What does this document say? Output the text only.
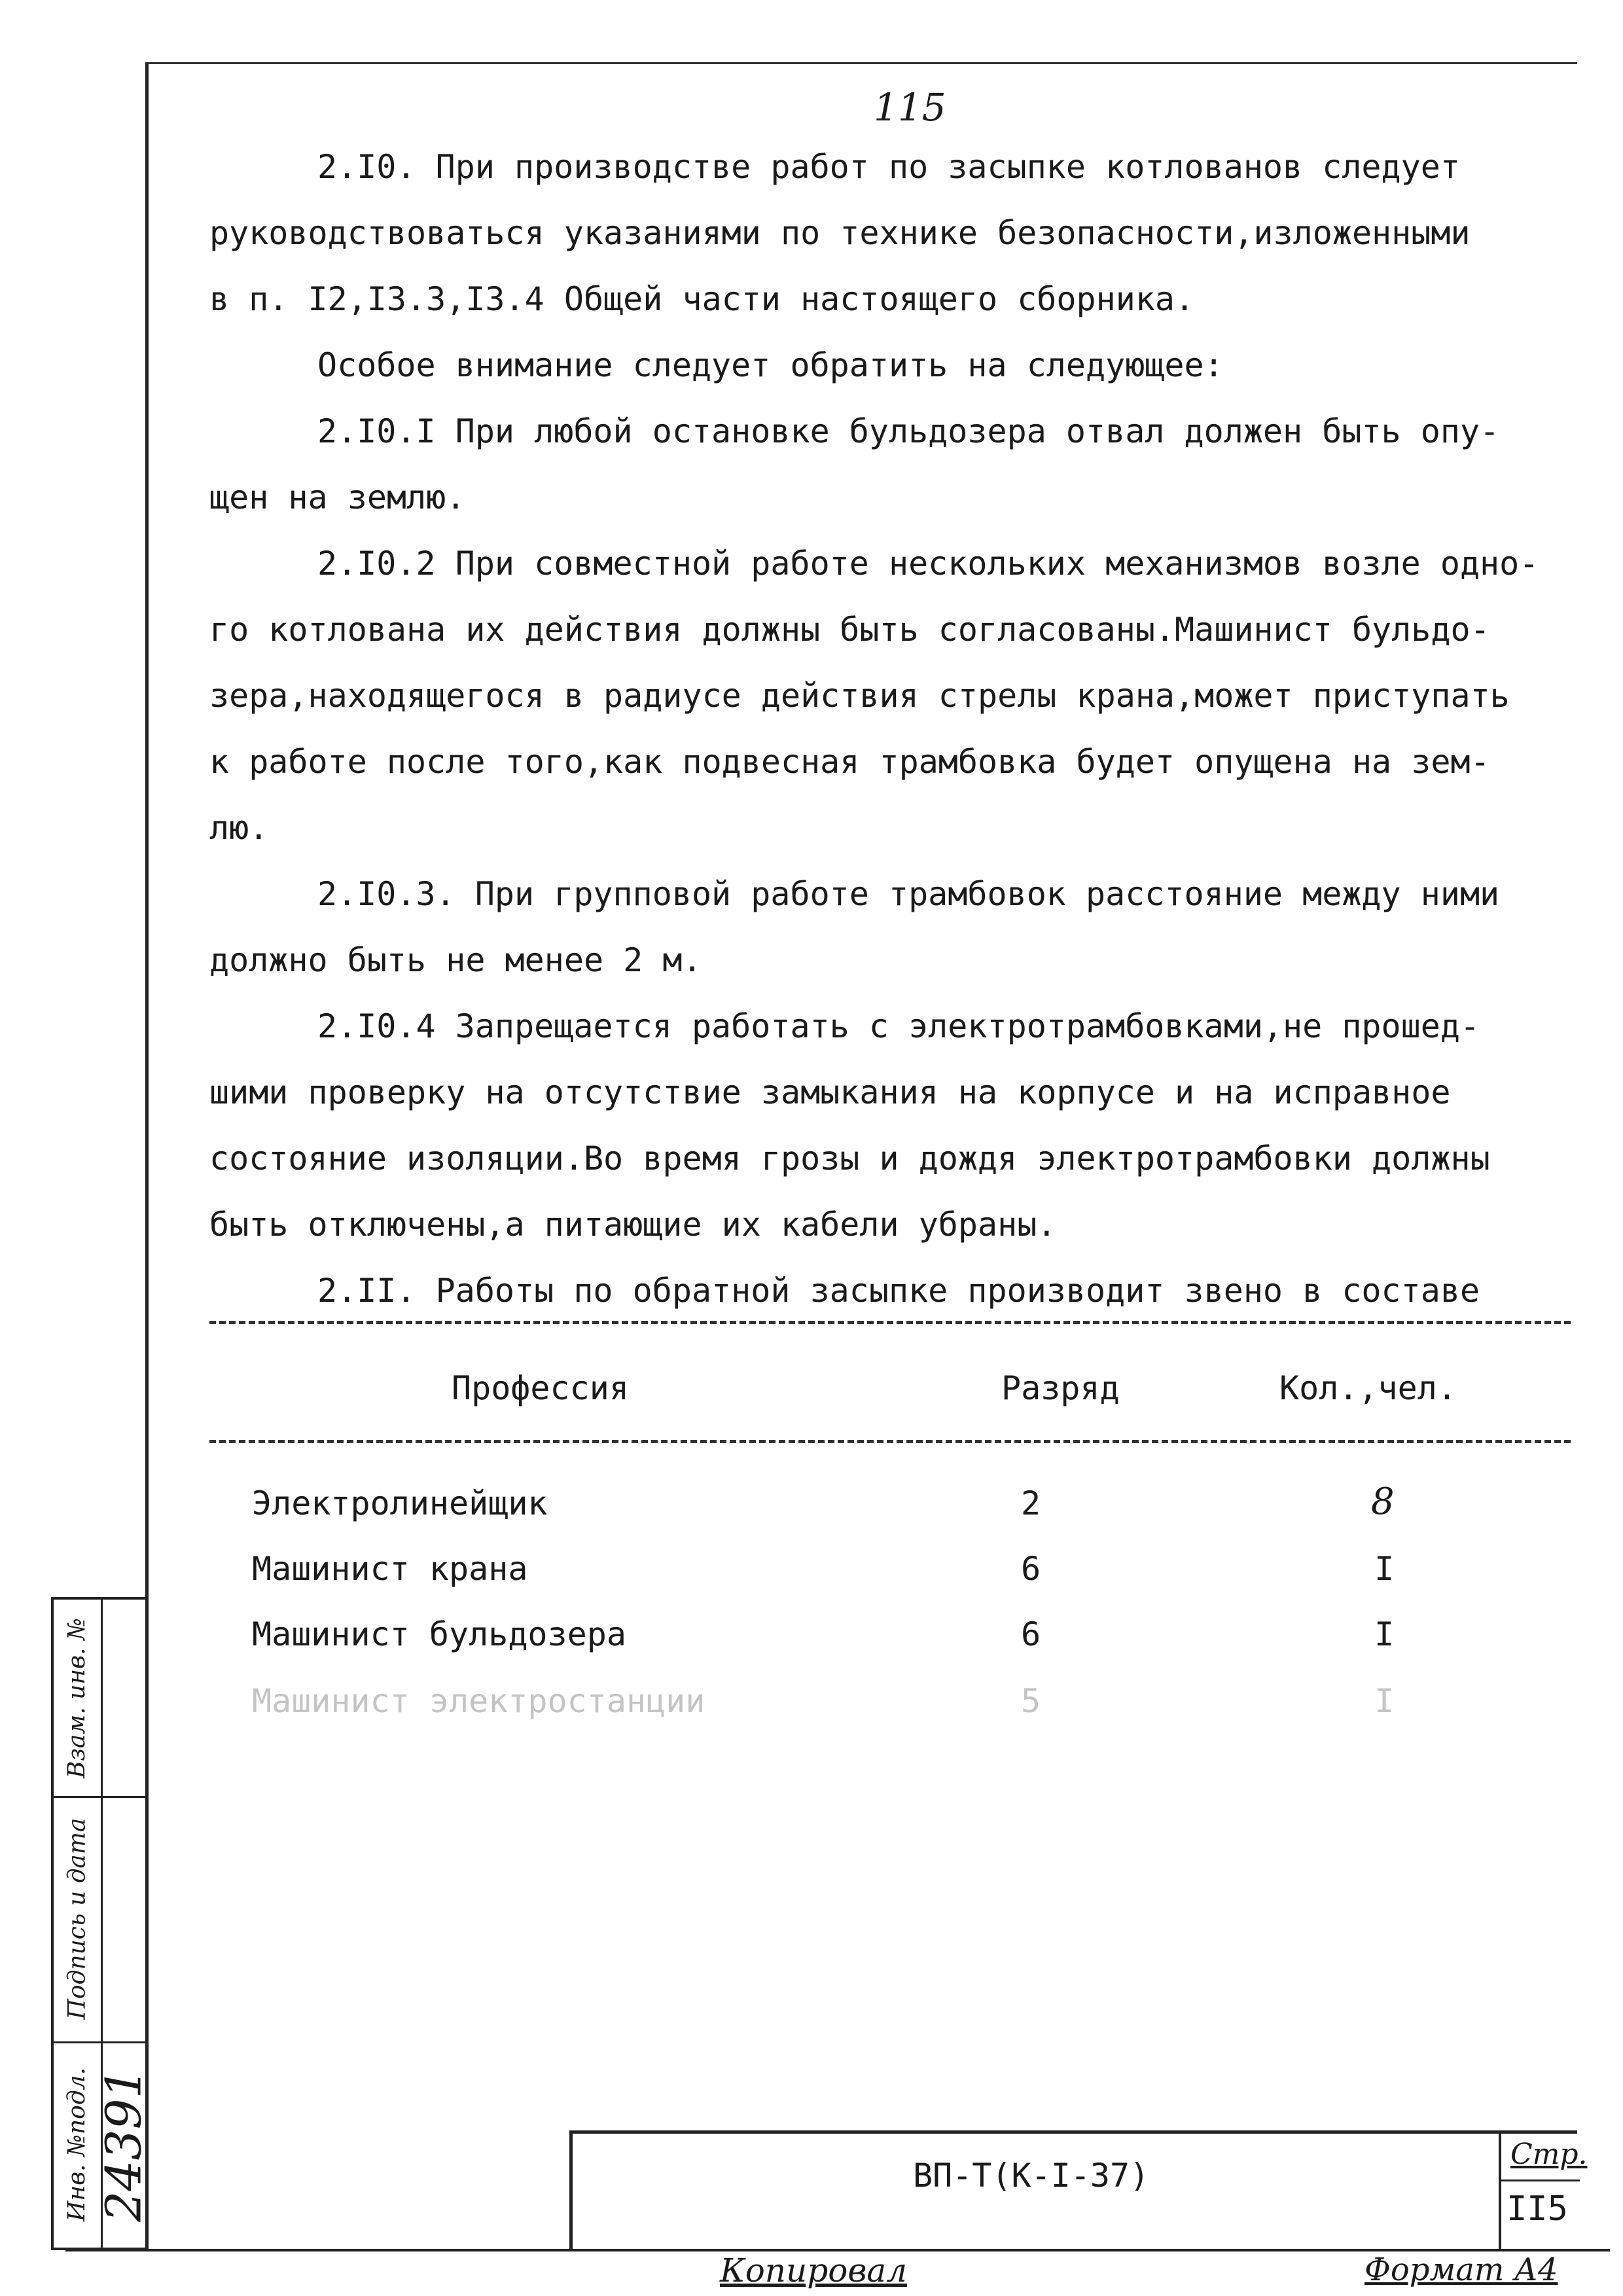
115
2.I0. При производстве работ по засыпке котлованов следует
руководствоваться указаниями по технике безопасности,изложенными
в п. I2,I3.3,I3.4 Общей части настоящего сборника.
Особое внимание следует обратить на следующее:
2.I0.I При любой остановке бульдозера отвал должен быть опу-
щен на землю.
2.I0.2 При совместной работе нескольких механизмов возле одно-
го котлована их действия должны быть согласованы.Машинист бульдо-
зера,находящегося в радиусе действия стрелы крана,может приступать
к работе после того,как подвесная трамбовка будет опущена на зем-
лю.
2.I0.3. При групповой работе трамбовок расстояние между ними
должно быть не менее 2 м.
2.I0.4 Запрещается работать с электротрамбовками,не прошед-
шими проверку на отсутствие замыкания на корпусе и на исправное
состояние изоляции.Во время грозы и дождя электротрамбовки должны
быть отключены,а питающие их кабели убраны.
2.II. Работы по обратной засыпке производит звено в составе
Профессия	Разряд	Кол.,чел.
Электролинейщик	2	8
Машинист крана	6	I
Машинист бульдозера	6	I
Машинист электростанции	5	I
Взам. инв. №
Подпись и дата
Инв. №подл. 24391	ВП-Т(К-I-37)
Стр.
II5
Копировал	Формат А4
